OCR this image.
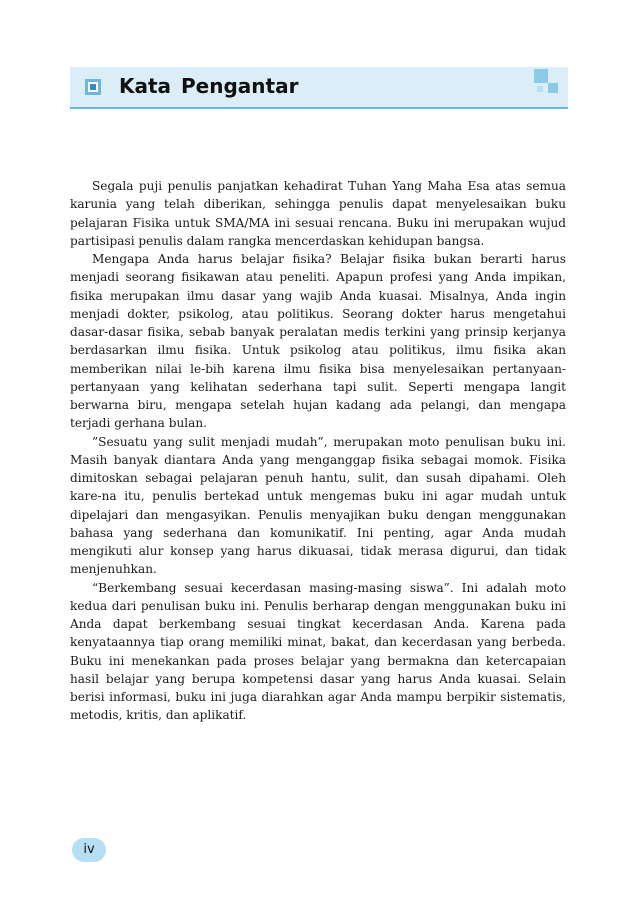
Kata Pengantar

Segala puji penulis panjatkan kehadirat Tuhan Yang Maha Esa atas semua karunia yang telah diberikan, sehingga penulis dapat menyelesaikan buku pelajaran Fisika untuk SMA/MA ini sesuai rencana. Buku ini merupakan wujud partisipasi penulis dalam rangka mencerdaskan kehidupan bangsa.

Mengapa Anda harus belajar fisika? Belajar fisika bukan berarti harus menjadi seorang fisikawan atau peneliti. Apapun profesi yang Anda impikan, fisika merupakan ilmu dasar yang wajib Anda kuasai. Misalnya, Anda ingin menjadi dokter, psikolog, atau politikus. Seorang dokter harus mengetahui dasar-dasar fisika, sebab banyak peralatan medis terkini yang prinsip kerjanya berdasarkan ilmu fisika. Untuk psikolog atau politikus, ilmu fisika akan memberikan nilai le-bih karena ilmu fisika bisa menyelesaikan pertanyaan-pertanyaan yang kelihatan sederhana tapi sulit. Seperti mengapa langit berwarna biru, mengapa setelah hujan kadang ada pelangi, dan mengapa terjadi gerhana bulan.

”Sesuatu yang sulit menjadi mudah”, merupakan moto penulisan buku ini. Masih banyak diantara Anda yang menganggap fisika sebagai momok. Fisika dimitoskan sebagai pelajaran penuh hantu, sulit, dan susah dipahami. Oleh kare-na itu, penulis bertekad untuk mengemas buku ini agar mudah untuk dipelajari dan mengasyikan. Penulis menyajikan buku dengan menggunakan bahasa yang sederhana dan komunikatif. Ini penting, agar Anda mudah mengikuti alur konsep yang harus dikuasai, tidak merasa digurui, dan tidak menjenuhkan.

“Berkembang sesuai kecerdasan masing-masing siswa”. Ini adalah moto kedua dari penulisan buku ini. Penulis berharap dengan menggunakan buku ini Anda dapat berkembang sesuai tingkat kecerdasan Anda. Karena pada kenyataannya tiap orang memiliki minat, bakat, dan kecerdasan yang berbeda. Buku ini menekankan pada proses belajar yang bermakna dan ketercapaian hasil belajar yang berupa kompetensi dasar yang harus Anda kuasai. Selain berisi informasi, buku ini juga diarahkan agar Anda mampu berpikir sistematis, metodis, kritis, dan aplikatif.

iv
